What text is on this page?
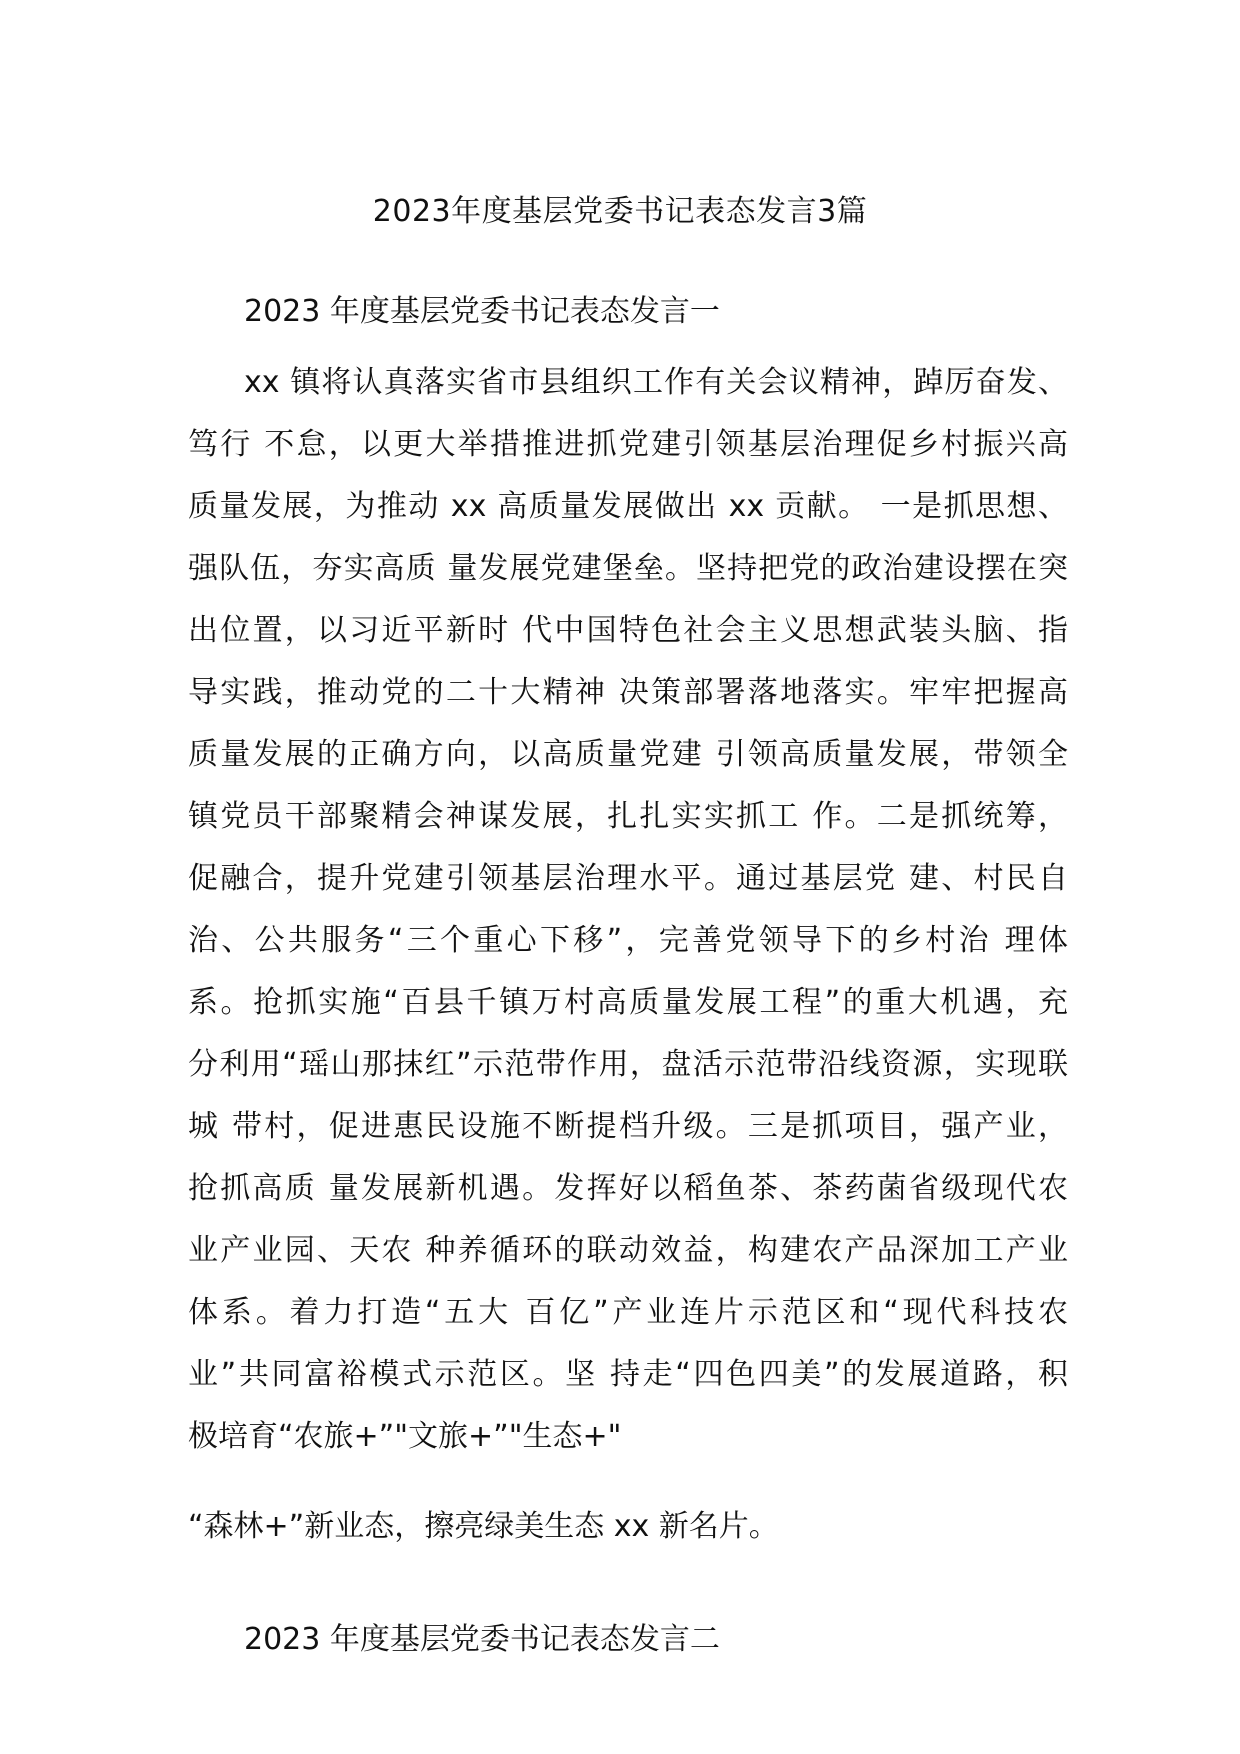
2023年度基层党委书记表态发言3篇
2023 年度基层党委书记表态发言一
xx 镇将认真落实省市县组织工作有关会议精神，踔厉奋发、
笃行 不怠，以更大举措推进抓党建引领基层治理促乡村振兴高
质量发展，为推动 xx 高质量发展做出 xx 贡献。 一是抓思想、
强队伍，夯实高质 量发展党建堡垒。坚持把党的政治建设摆在突
出位置，以习近平新时 代中国特色社会主义思想武装头脑、指
导实践，推动党的二十大精神 决策部署落地落实。牢牢把握高
质量发展的正确方向，以高质量党建 引领高质量发展，带领全
镇党员干部聚精会神谋发展，扎扎实实抓工 作。二是抓统筹，
促融合，提升党建引领基层治理水平。通过基层党 建、村民自
治、公共服务“三个重心下移”，完善党领导下的乡村治 理体
系。抢抓实施“百县千镇万村高质量发展工程”的重大机遇，充
分利用“瑶山那抹红”示范带作用，盘活示范带沿线资源，实现联
城 带村，促进惠民设施不断提档升级。三是抓项目，强产业，
抢抓高质 量发展新机遇。发挥好以稻鱼茶、茶药菌省级现代农
业产业园、天农 种养循环的联动效益，构建农产品深加工产业
体系。着力打造“五大 百亿”产业连片示范区和“现代科技农
业”共同富裕模式示范区。坚 持走“四色四美”的发展道路，积
极培育“农旅+”"文旅+”"生态+"
“森林+”新业态，擦亮绿美生态 xx 新名片。
2023 年度基层党委书记表态发言二
